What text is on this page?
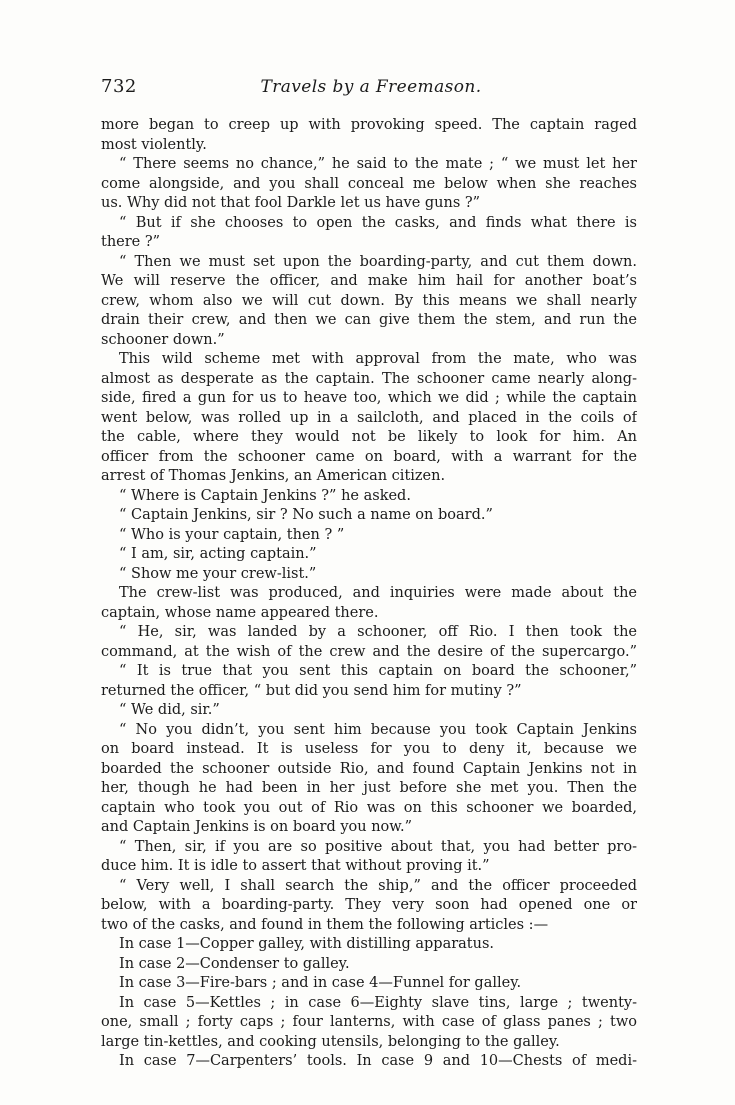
732	Travels by a Freemason.
more began to creep up with provoking speed. The captain raged
most violently.
“ There seems no chance,” he said to the mate ; “ we must let her
come alongside, and you shall conceal me below when she reaches
us. Why did not that fool Darkle let us have guns ?”
“ But if she chooses to open the casks, and finds what there is
there ?”
“ Then we must set upon the boarding-party, and cut them down.
We will reserve the officer, and make him hail for another boat’s
crew, whom also we will cut down. By this means we shall nearly
drain their crew, and then we can give them the stem, and run the
schooner down.”
This wild scheme met with approval from the mate, who was
almost as desperate as the captain. The schooner came nearly along-
side, fired a gun for us to heave too, which we did ; while the captain
went below, was rolled up in a sailcloth, and placed in the coils of
the cable, where they would not be likely to look for him. An
officer from the schooner came on board, with a warrant for the
arrest of Thomas Jenkins, an American citizen.
“ Where is Captain Jenkins ?” he asked.
“ Captain Jenkins, sir ? No such a name on board.”
“ Who is your captain, then ? ”
“ I am, sir, acting captain.”
“ Show me your crew-list.”
The crew-list was produced, and inquiries were made about the
captain, whose name appeared there.
“ He, sir, was landed by a schooner, off Rio. I then took the
command, at the wish of the crew and the desire of the supercargo.”
“ It is true that you sent this captain on board the schooner,”
returned the officer, “ but did you send him for mutiny ?”
“ We did, sir.”
“ No you didn’t, you sent him because you took Captain Jenkins
on board instead. It is useless for you to deny it, because we
boarded the schooner outside Rio, and found Captain Jenkins not in
her, though he had been in her just before she met you. Then the
captain who took you out of Rio was on this schooner we boarded,
and Captain Jenkins is on board you now.”
“ Then, sir, if you are so positive about that, you had better pro-
duce him. It is idle to assert that without proving it.”
“ Very well, I shall search the ship,” and the officer proceeded
below, with a boarding-party. They very soon had opened one or
two of the casks, and found in them the following articles :—
In case 1—Copper galley, with distilling apparatus.
In case 2—Condenser to galley.
In case 3—Fire-bars ; and in case 4—Funnel for galley.
In case 5—Kettles ; in case 6—Eighty slave tins, large ; twenty-
one, small ; forty caps ; four lanterns, with case of glass panes ; two
large tin-kettles, and cooking utensils, belonging to the galley.
In case 7—Carpenters’ tools. In case 9 and 10—Chests of medi-
